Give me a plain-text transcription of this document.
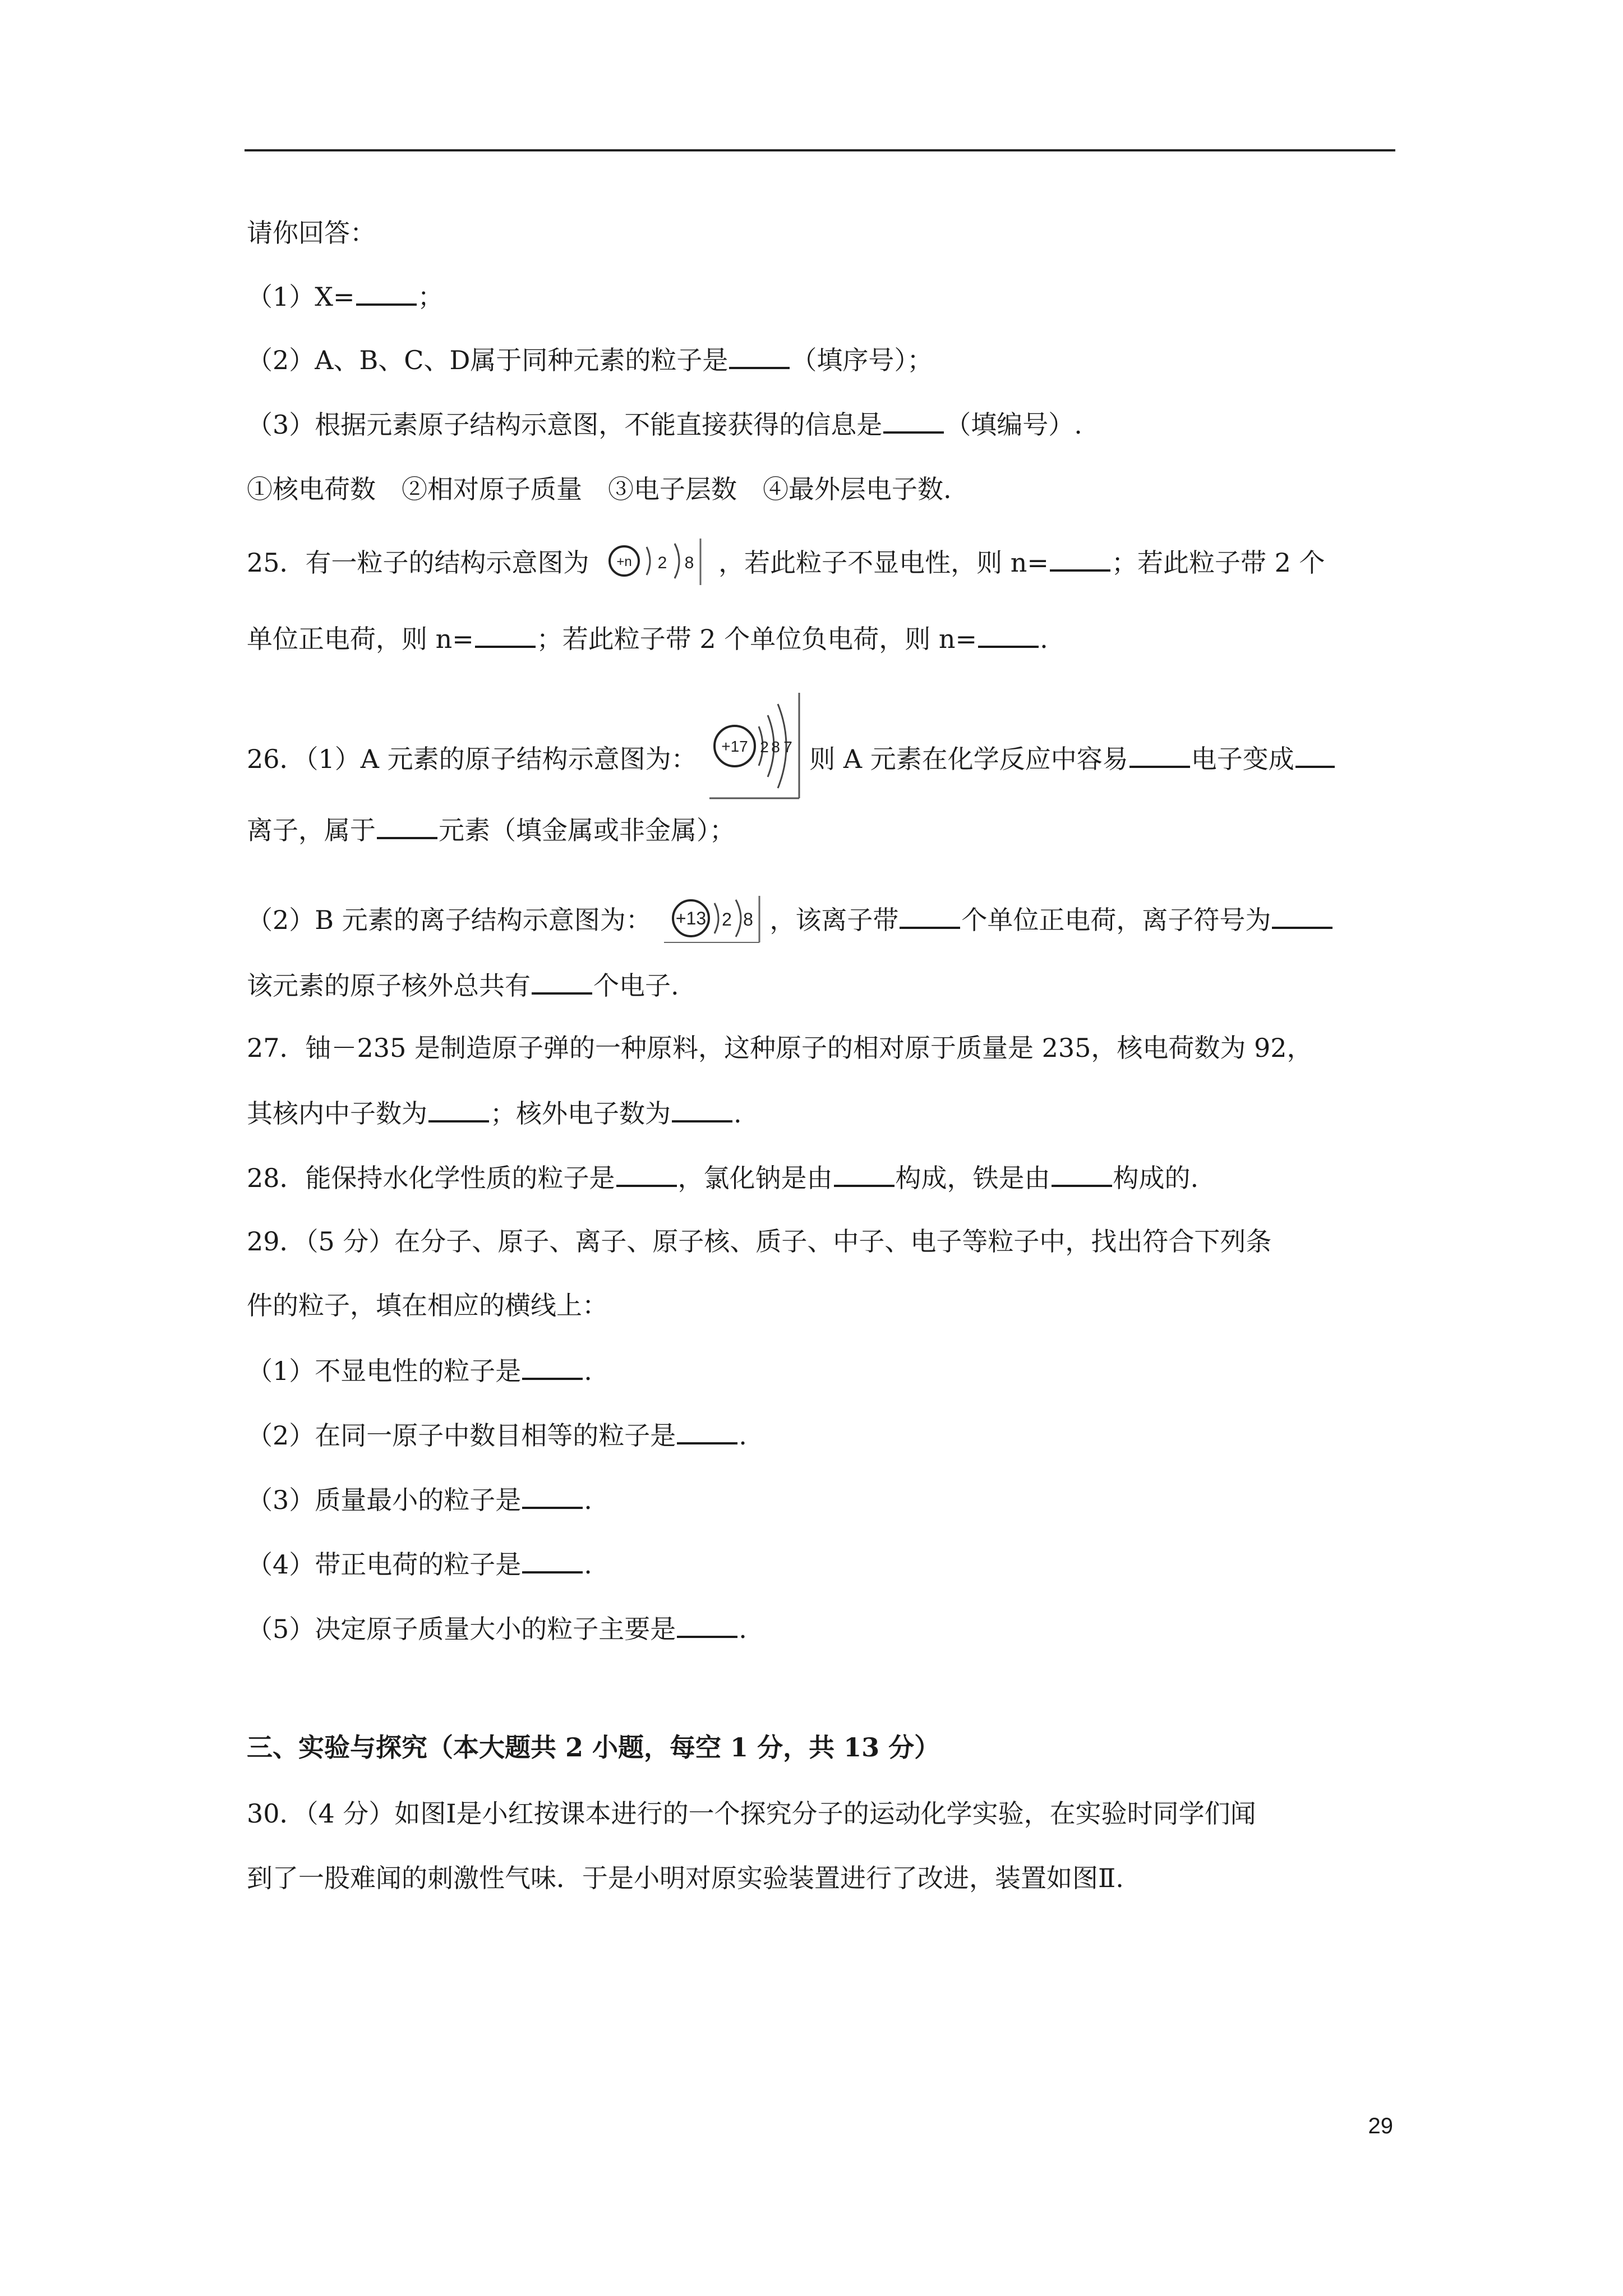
请你回答：
（1）X= ；
（2）A、B、C、D属于同种元素的粒子是 （填序号）；
（3）根据元素原子结构示意图，不能直接获得的信息是 （填编号）.
①核电荷数　②相对原子质量　③电子层数　④最外层电子数.
25．有一粒子的结构示意图为 +n 2 8 ，若此粒子不显电性，则 n= ；若此粒子带 2 个
单位正电荷，则 n= ；若此粒子带 2 个单位负电荷，则 n= .
26．（1）A 元素的原子结构示意图为： +17 2 8 7 则 A 元素在化学反应中容易 电子变成
离子，属于 元素（填金属或非金属）；
（2）B 元素的离子结构示意图为： +13 2 8 ，该离子带 个单位正电荷，离子符号为
该元素的原子核外总共有 个电子.
27．铀－235 是制造原子弹的一种原料，这种原子的相对原于质量是 235，核电荷数为 92，
其核内中子数为 ；核外电子数为 .
28．能保持水化学性质的粒子是 ，氯化钠是由 构成，铁是由 构成的.
29．（5 分）在分子、原子、离子、原子核、质子、中子、电子等粒子中，找出符合下列条
件的粒子，填在相应的横线上：
（1）不显电性的粒子是 .
（2）在同一原子中数目相等的粒子是 .
（3）质量最小的粒子是 .
（4）带正电荷的粒子是 .
（5）决定原子质量大小的粒子主要是 .
三、实验与探究（本大题共 2 小题，每空 1 分，共 13 分）
30．（4 分）如图Ⅰ是小红按课本进行的一个探究分子的运动化学实验，在实验时同学们闻
到了一股难闻的刺激性气味．于是小明对原实验装置进行了改进，装置如图Ⅱ.
29
